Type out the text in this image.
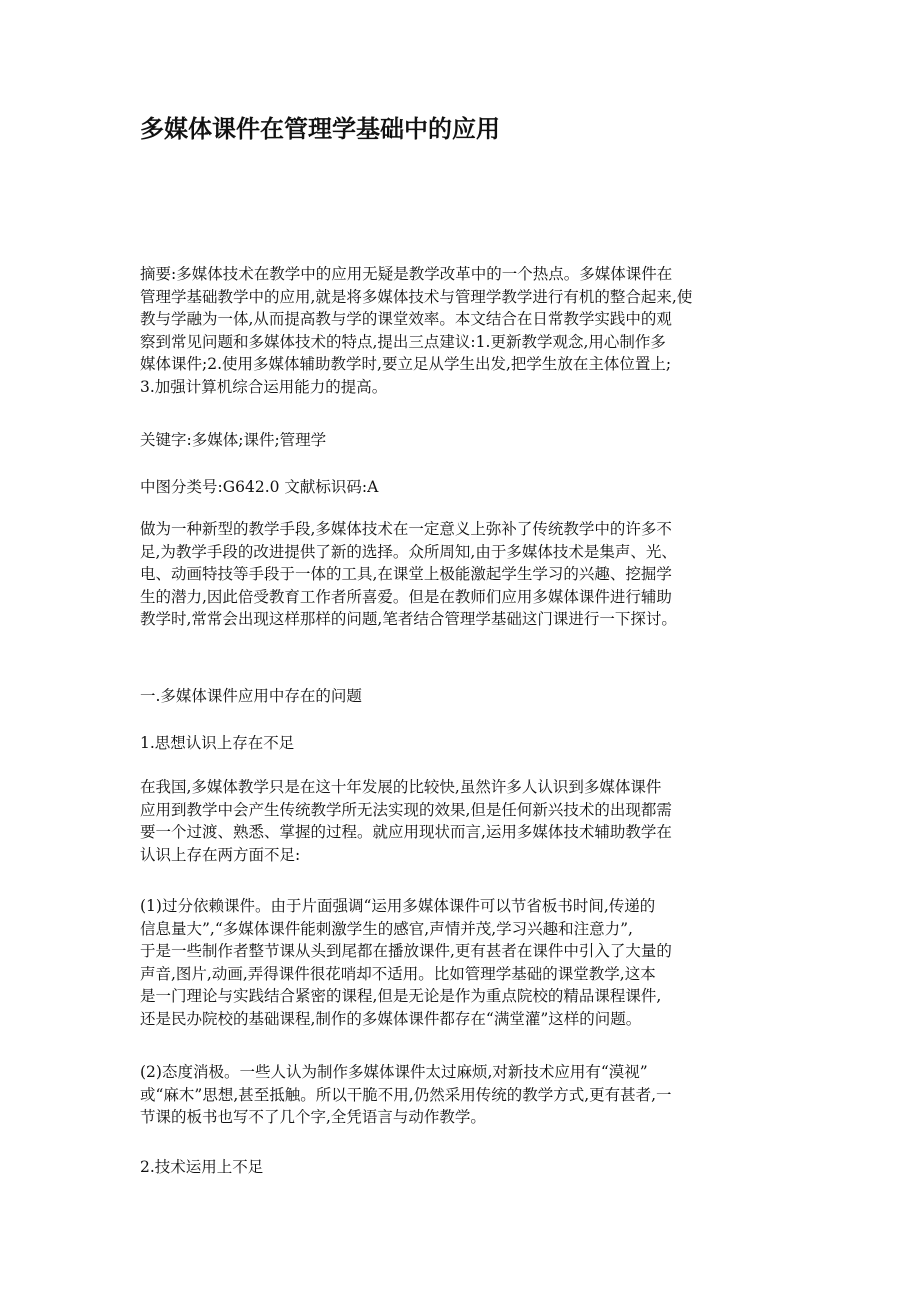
多媒体课件在管理学基础中的应用
摘要:多媒体技术在教学中的应用无疑是教学改革中的一个热点。多媒体课件在
管理学基础教学中的应用,就是将多媒体技术与管理学教学进行有机的整合起来,使
教与学融为一体,从而提高教与学的课堂效率。本文结合在日常教学实践中的观
察到常见问题和多媒体技术的特点,提出三点建议:1.更新教学观念,用心制作多
媒体课件;2.使用多媒体辅助教学时,要立足从学生出发,把学生放在主体位置上;
3.加强计算机综合运用能力的提高。
关键字:多媒体;课件;管理学
中图分类号:G642.0 文献标识码:A
做为一种新型的教学手段,多媒体技术在一定意义上弥补了传统教学中的许多不
足,为教学手段的改进提供了新的选择。众所周知,由于多媒体技术是集声、光、
电、动画特技等手段于一体的工具,在课堂上极能激起学生学习的兴趣、挖掘学
生的潜力,因此倍受教育工作者所喜爱。但是在教师们应用多媒体课件进行辅助
教学时,常常会出现这样那样的问题,笔者结合管理学基础这门课进行一下探讨。
一.多媒体课件应用中存在的问题
1.思想认识上存在不足
在我国,多媒体教学只是在这十年发展的比较快,虽然许多人认识到多媒体课件
应用到教学中会产生传统教学所无法实现的效果,但是任何新兴技术的出现都需
要一个过渡、熟悉、掌握的过程。就应用现状而言,运用多媒体技术辅助教学在
认识上存在两方面不足:
(1)过分依赖课件。由于片面强调“运用多媒体课件可以节省板书时间,传递的
信息量大”,“多媒体课件能刺激学生的感官,声情并茂,学习兴趣和注意力”,
于是一些制作者整节课从头到尾都在播放课件,更有甚者在课件中引入了大量的
声音,图片,动画,弄得课件很花哨却不适用。比如管理学基础的课堂教学,这本
是一门理论与实践结合紧密的课程,但是无论是作为重点院校的精品课程课件,
还是民办院校的基础课程,制作的多媒体课件都存在“满堂灌”这样的问题。
(2)态度消极。一些人认为制作多媒体课件太过麻烦,对新技术应用有“漠视”
或“麻木”思想,甚至抵触。所以干脆不用,仍然采用传统的教学方式,更有甚者,一
节课的板书也写不了几个字,全凭语言与动作教学。
2.技术运用上不足
